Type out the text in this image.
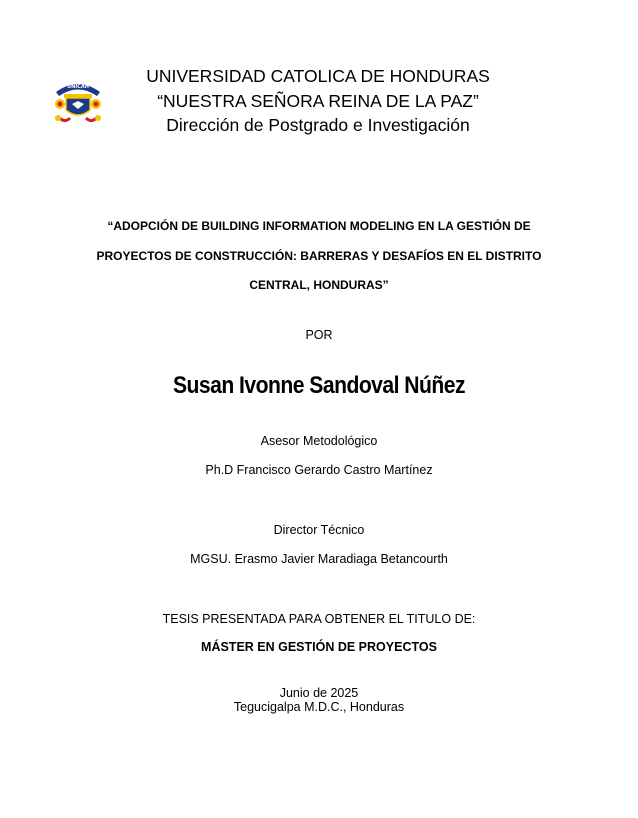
UNICAH
UNIVERSIDAD CATOLICA DE HONDURAS
“NUESTRA SEÑORA REINA DE LA PAZ”
Dirección de Postgrado e Investigación
“ADOPCIÓN DE BUILDING INFORMATION MODELING EN LA GESTIÓN DE
PROYECTOS DE CONSTRUCCIÓN: BARRERAS Y DESAFÍOS EN EL DISTRITO
CENTRAL, HONDURAS”
POR
Susan Ivonne Sandoval Núñez
Asesor Metodológico
Ph.D Francisco Gerardo Castro Martínez
Director Técnico
MGSU. Erasmo Javier Maradiaga Betancourth
TESIS PRESENTADA PARA OBTENER EL TITULO DE:
MÁSTER EN GESTIÓN DE PROYECTOS
Junio de 2025
Tegucigalpa M.D.C., Honduras
